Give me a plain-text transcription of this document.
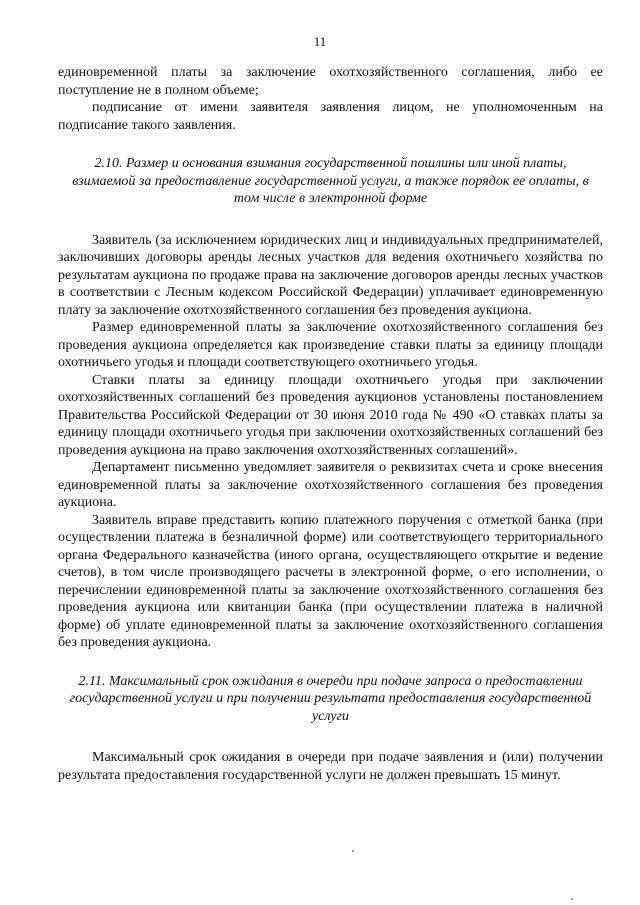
11

единовременной платы за заключение охотхозяйственного соглашения, либо ее поступление не в полном объеме;

подписание от имени заявителя заявления лицом, не уполномоченным на подписание такого заявления.

2.10. Размер и основания взимания государственной пошлины или иной платы, взимаемой за предоставление государственной услуги, а также порядок ее оплаты, в том числе в электронной форме

Заявитель (за исключением юридических лиц и индивидуальных предпринимателей, заключивших договоры аренды лесных участков для ведения охотничьего хозяйства по результатам аукциона по продаже права на заключение договоров аренды лесных участков в соответствии с Лесным кодексом Российской Федерации) уплачивает единовременную плату за заключение охотхозяйственного соглашения без проведения аукциона.

Размер единовременной платы за заключение охотхозяйственного соглашения без проведения аукциона определяется как произведение ставки платы за единицу площади охотничьего угодья и площади соответствующего охотничьего угодья.

Ставки платы за единицу площади охотничьего угодья при заключении охотхозяйственных соглашений без проведения аукционов установлены постановлением Правительства Российской Федерации от 30 июня 2010 года № 490 «О ставках платы за единицу площади охотничьего угодья при заключении охотхозяйственных соглашений без проведения аукциона на право заключения охотхозяйственных соглашений».

Департамент письменно уведомляет заявителя о реквизитах счета и сроке внесения единовременной платы за заключение охотхозяйственного соглашения без проведения аукциона.

Заявитель вправе представить копию платежного поручения с отметкой банка (при осуществлении платежа в безналичной форме) или соответствующего территориального органа Федерального казначейства (иного органа, осуществляющего открытие и ведение счетов), в том числе производящего расчеты в электронной форме, о его исполнении, о перечислении единовременной платы за заключение охотхозяйственного соглашения без проведения аукциона или квитанции банка (при осуществлении платежа в наличной форме) об уплате единовременной платы за заключение охотхозяйственного соглашения без проведения аукциона.

2.11. Максимальный срок ожидания в очереди при подаче запроса о предоставлении государственной услуги и при получении результата предоставления государственной услуги

Максимальный срок ожидания в очереди при подаче заявления и (или) получении результата предоставления государственной услуги не должен превышать 15 минут.
